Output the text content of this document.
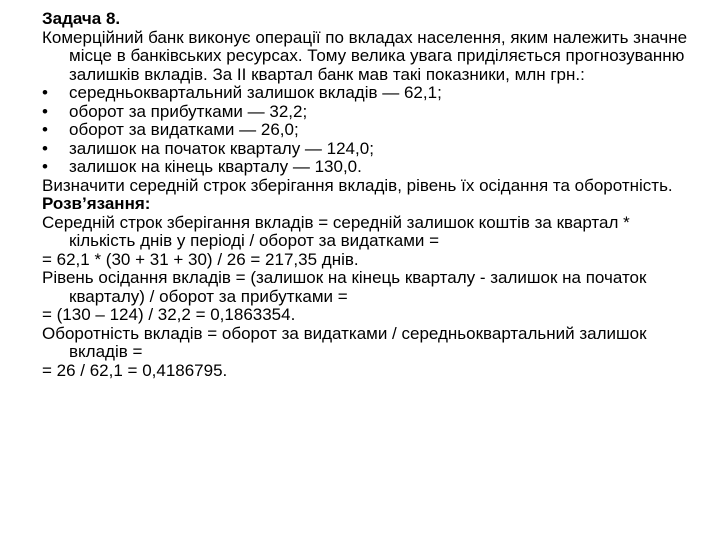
Задача 8.

Комерційний банк виконує операції по вкладах населення, яким належить значне місце в банківських ресурсах. Тому велика увага приділяється прогнозуванню залишків вкладів. За II квартал банк мав такі показники, млн грн.:

• середньоквартальний залишок вкладів — 62,1;

• оборот за прибутками — 32,2;

• оборот за видатками — 26,0;

• залишок на початок кварталу — 124,0;

• залишок на кінець кварталу — 130,0.

Визначити середній строк зберігання вкладів, рівень їх осідання та оборотність.

Розв’язання:

Середній строк зберігання вкладів = середній залишок коштів за квартал * кількість днів у періоді / оборот за видатками =

= 62,1 * (30 + 31 + 30) / 26 = 217,35 днів.

Рівень осідання вкладів = (залишок на кінець кварталу - залишок на початок кварталу) / оборот за прибутками =

= (130 – 124) / 32,2 = 0,1863354.

Оборотність вкладів = оборот за видатками / середньоквартальний залишок вкладів =

= 26 / 62,1 = 0,4186795.
